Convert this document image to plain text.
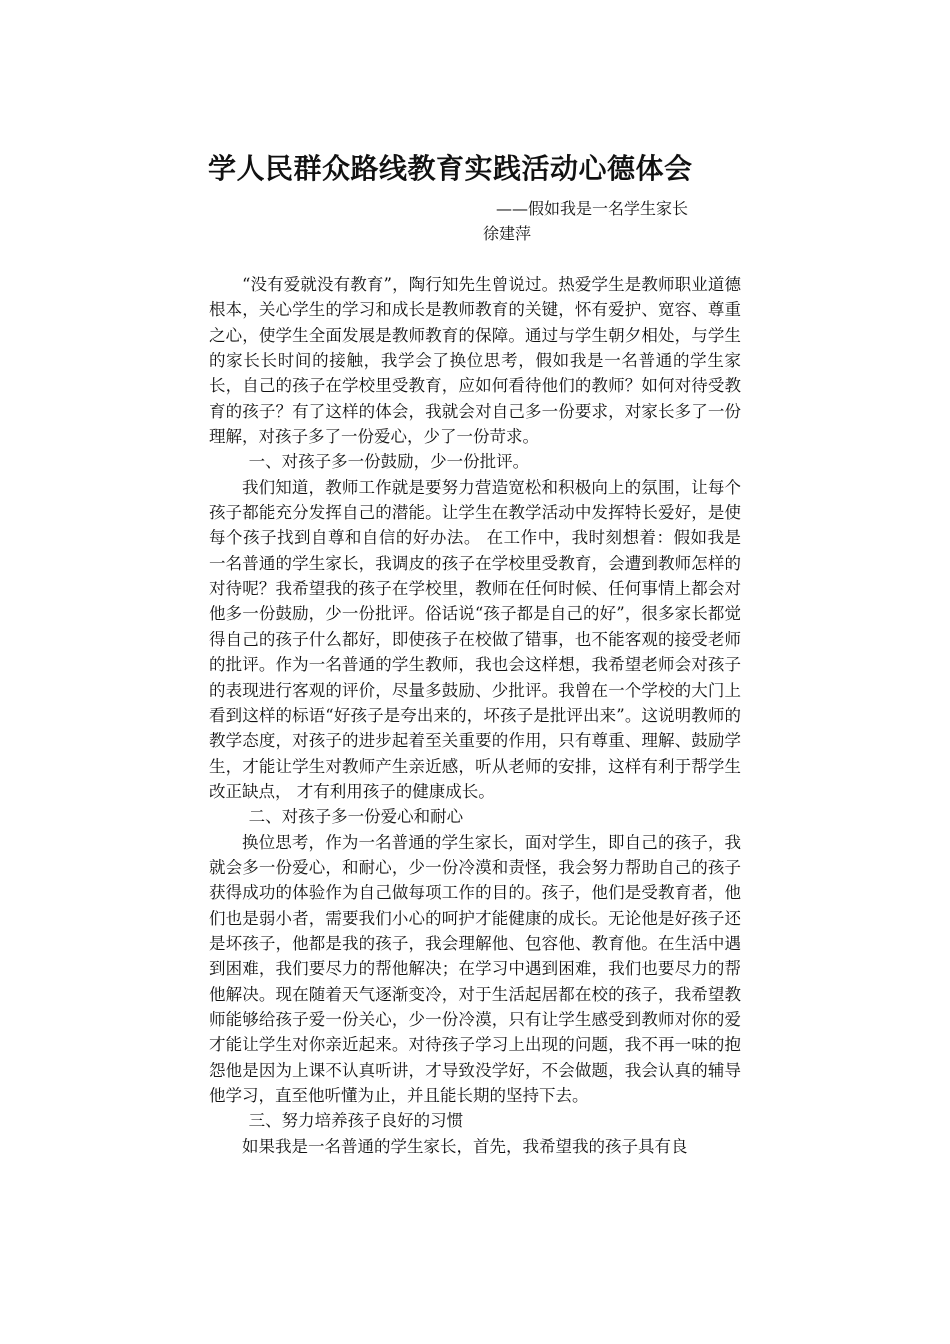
学人民群众路线教育实践活动心德体会
——假如我是一名学生家长
徐建萍

“没有爱就没有教育”，陶行知先生曾说过。热爱学生是教师职业道德根本，关心学生的学习和成长是教师教育的关键，怀有爱护、宽容、尊重之心，使学生全面发展是教师教育的保障。通过与学生朝夕相处，与学生的家长长时间的接触，我学会了换位思考，假如我是一名普通的学生家长，自己的孩子在学校里受教育，应如何看待他们的教师？如何对待受教育的孩子？有了这样的体会，我就会对自己多一份要求，对家长多了一份理解，对孩子多了一份爱心，少了一份苛求。

一、对孩子多一份鼓励，少一份批评。

我们知道，教师工作就是要努力营造宽松和积极向上的氛围，让每个孩子都能充分发挥自己的潜能。让学生在教学活动中发挥特长爱好，是使每个孩子找到自尊和自信的好办法。 在工作中，我时刻想着：假如我是一名普通的学生家长，我调皮的孩子在学校里受教育，会遭到教师怎样的对待呢？我希望我的孩子在学校里，教师在任何时候、任何事情上都会对他多一份鼓励，少一份批评。俗话说“孩子都是自己的好”，很多家长都觉得自己的孩子什么都好，即使孩子在校做了错事，也不能客观的接受老师的批评。作为一名普通的学生教师，我也会这样想，我希望老师会对孩子的表现进行客观的评价，尽量多鼓励、少批评。我曾在一个学校的大门上看到这样的标语“好孩子是夸出来的，坏孩子是批评出来”。这说明教师的教学态度，对孩子的进步起着至关重要的作用，只有尊重、理解、鼓励学生，才能让学生对教师产生亲近感，听从老师的安排，这样有利于帮学生改正缺点， 才有利用孩子的健康成长。

二、对孩子多一份爱心和耐心

换位思考，作为一名普通的学生家长，面对学生，即自己的孩子，我就会多一份爱心，和耐心，少一份冷漠和责怪，我会努力帮助自己的孩子获得成功的体验作为自己做每项工作的目的。孩子，他们是受教育者，他们也是弱小者，需要我们小心的呵护才能健康的成长。无论他是好孩子还是坏孩子，他都是我的孩子，我会理解他、包容他、教育他。在生活中遇到困难，我们要尽力的帮他解决；在学习中遇到困难，我们也要尽力的帮他解决。现在随着天气逐渐变冷，对于生活起居都在校的孩子，我希望教师能够给孩子爱一份关心，少一份冷漠，只有让学生感受到教师对你的爱才能让学生对你亲近起来。对待孩子学习上出现的问题，我不再一味的抱怨他是因为上课不认真听讲，才导致没学好，不会做题，我会认真的辅导他学习，直至他听懂为止，并且能长期的坚持下去。

三、努力培养孩子良好的习惯

如果我是一名普通的学生家长，首先，我希望我的孩子具有良
